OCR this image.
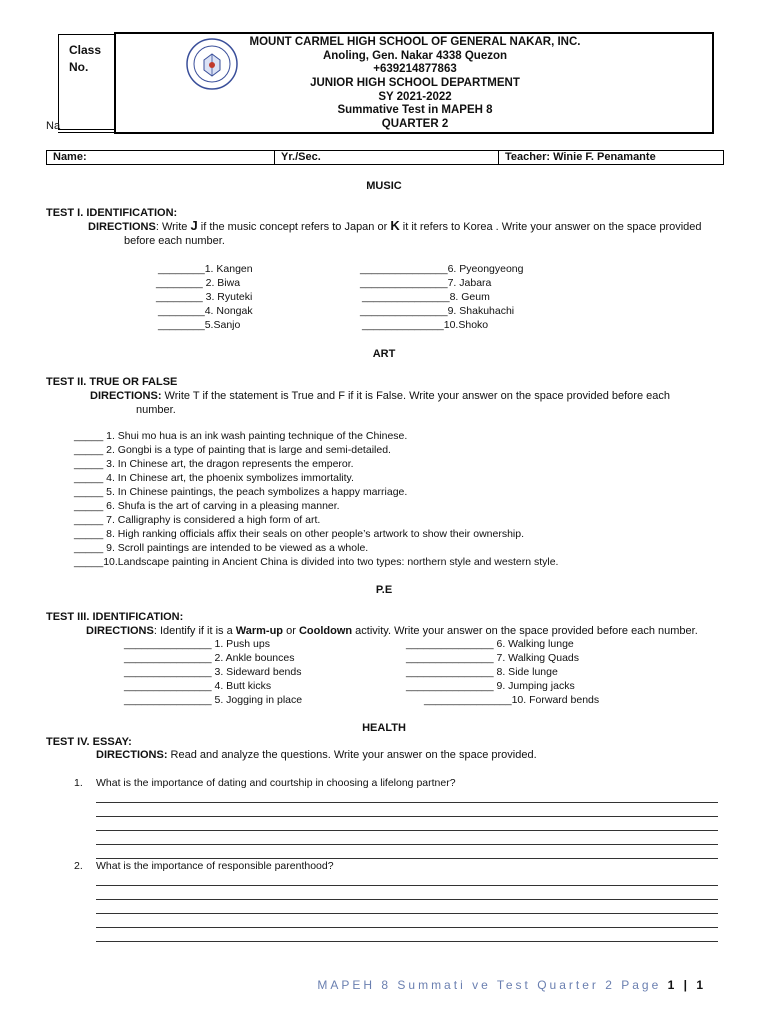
Class
No.
Na
MOUNT CARMEL HIGH SCHOOL OF GENERAL NAKAR, INC.
Anoling, Gen. Nakar 4338 Quezon
+639214877863
JUNIOR HIGH SCHOOL DEPARTMENT
SY 2021-2022
Summative Test in MAPEH 8
QUARTER 2
Name:	Yr./Sec.	Teacher: Winie F. Penamante
MUSIC
TEST I. IDENTIFICATION:
DIRECTIONS: Write J if the music concept refers to Japan or K it it refers to Korea . Write your answer on the space provided
before each number.
________1. Kangen
________ 2. Biwa
________ 3. Ryuteki
________4. Nongak
________5.Sanjo
_______________6. Pyeongyeong
_______________7. Jabara
_______________8. Geum
_______________9. Shakuhachi
______________10.Shoko
ART
TEST II. TRUE OR FALSE
DIRECTIONS: Write T if the statement is True and F if it is False. Write your answer on the space provided before each
number.
_____ 1. Shui mo hua is an ink wash painting technique of the Chinese.
_____ 2. Gongbi is a type of painting that is large and semi-detailed.
_____ 3. In Chinese art, the dragon represents the emperor.
_____ 4. In Chinese art, the phoenix symbolizes immortality.
_____ 5. In Chinese paintings, the peach symbolizes a happy marriage.
_____ 6. Shufa is the art of carving in a pleasing manner.
_____ 7. Calligraphy is considered a high form of art.
_____ 8. High ranking officials affix their seals on other people’s artwork to show their ownership.
_____ 9. Scroll paintings are intended to be viewed as a whole.
_____10.Landscape painting in Ancient China is divided into two types: northern style and western style.
P.E
TEST III. IDENTIFICATION:
DIRECTIONS: Identify if it is a Warm-up or Cooldown activity. Write your answer on the space provided before each number.
_______________ 1. Push ups
_______________ 2. Ankle bounces
_______________ 3. Sideward bends
_______________ 4. Butt kicks
_______________ 5. Jogging in place
_______________ 6. Walking lunge
_______________ 7. Walking Quads
_______________ 8. Side lunge
_______________ 9. Jumping jacks
_______________10. Forward bends
HEALTH
TEST IV. ESSAY:
DIRECTIONS: Read and analyze the questions. Write your answer on the space provided.
1. What is the importance of dating and courtship in choosing a lifelong partner?
2. What is the importance of responsible parenthood?
MAPEH 8 Summati ve Test Quarter 2 Page 1 | 1
